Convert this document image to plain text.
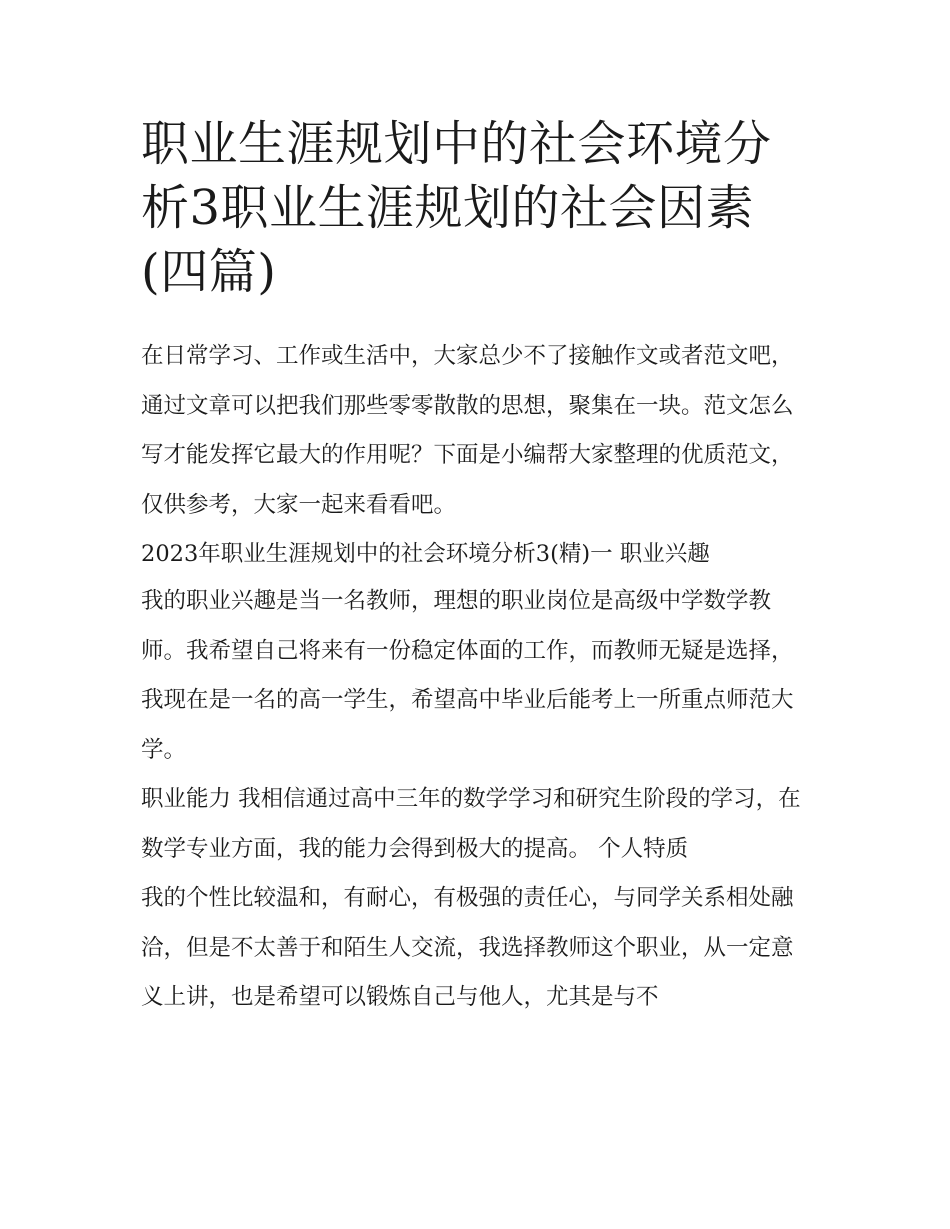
职业生涯规划中的社会环境分析3职业生涯规划的社会因素(四篇)

在日常学习、工作或生活中，大家总少不了接触作文或者范文吧，通过文章可以把我们那些零零散散的思想，聚集在一块。范文怎么写才能发挥它最大的作用呢？下面是小编帮大家整理的优质范文，仅供参考，大家一起来看看吧。

2023年职业生涯规划中的社会环境分析3(精)一 职业兴趣

我的职业兴趣是当一名教师，理想的职业岗位是高级中学数学教师。我希望自己将来有一份稳定体面的工作，而教师无疑是选择，我现在是一名的高一学生，希望高中毕业后能考上一所重点师范大学。

职业能力 我相信通过高中三年的数学学习和研究生阶段的学习，在数学专业方面，我的能力会得到极大的提高。 个人特质

我的个性比较温和，有耐心，有极强的责任心，与同学关系相处融洽，但是不太善于和陌生人交流，我选择教师这个职业，从一定意义上讲，也是希望可以锻炼自己与他人，尤其是与不
